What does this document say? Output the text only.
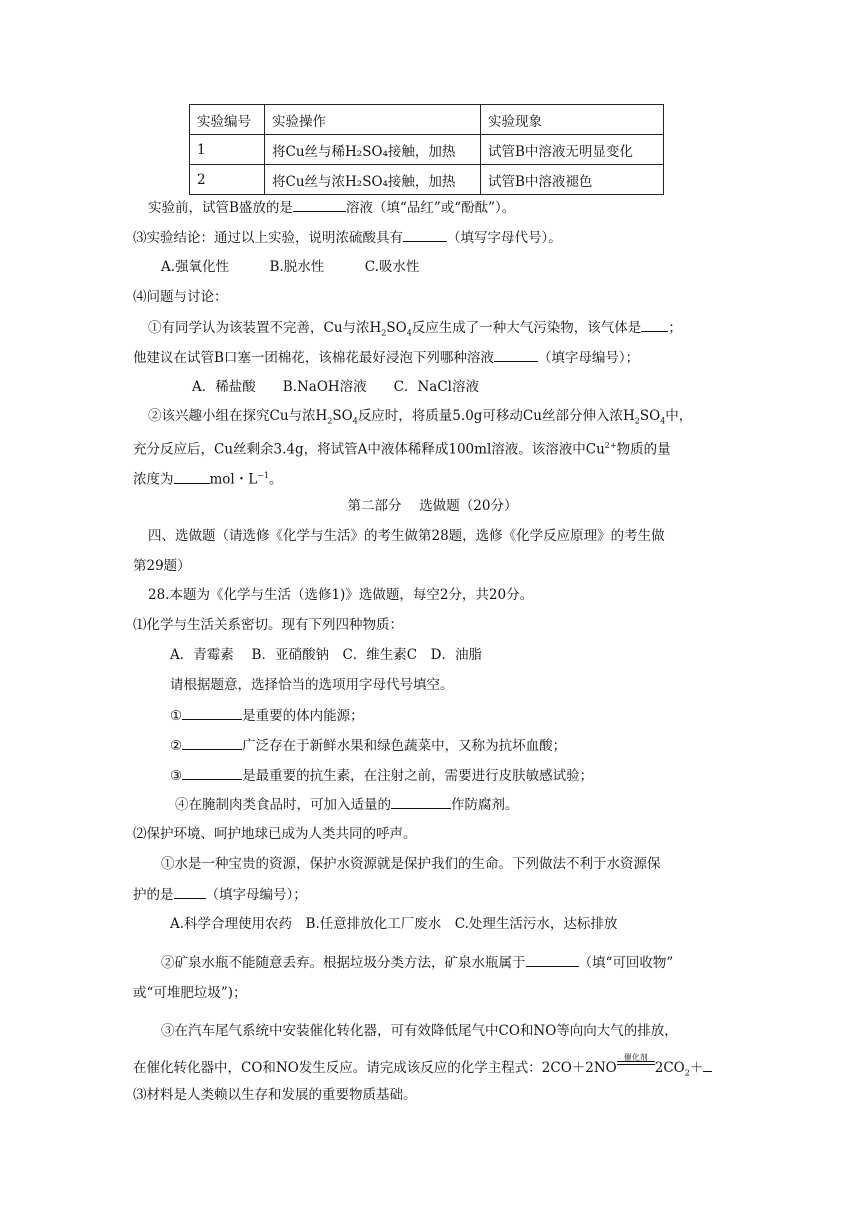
实验编号	实验操作	实验现象
1	将Cu丝与稀H₂SO₄接触，加热	试管B中溶液无明显变化
2	将Cu丝与浓H₂SO₄接触，加热	试管B中溶液褪色
实验前，试管B盛放的是	溶液（填“品红”或“酚酞”）。
⑶实验结论：通过以上实验，说明浓硫酸具有	（填写字母代号）。
A.强氧化性　　　B.脱水性　　　C.吸水性
⑷问题与讨论：
①有同学认为该装置不完善，Cu与浓$H_2SO_4$反应生成了一种大气污染物，该气体是 ；
他建议在试管B口塞一团棉花，该棉花最好浸泡下列哪种溶液	（填字母编号）；
A．稀盐酸　　B.NaOH溶液　　C．NaCl溶液
②该兴趣小组在探究Cu与浓$H_2SO_4$反应时，将质量5.0g可移动Cu丝部分伸入浓$H_2SO_4$中，
充分反应后，Cu丝剩余3.4g，将试管A中液体稀释成100ml溶液。该溶液中$Cu^{2+}$物质的量
浓度为	mol・$L^{-1}$。
第二部分　 选做题（20分）
四、选做题（请选修《化学与生活》的考生做第28题，选修《化学反应原理》的考生做
第29题）
28.本题为《化学与生活（选修1)》选做题，每空2分，共20分。
⑴化学与生活关系密切。现有下列四种物质：
A．青霉素　 B．亚硝酸钠　C．维生素C　D．油脂
请根据题意，选择恰当的选项用字母代号填空。
①	是重要的体内能源；
②	广泛存在于新鲜水果和绿色蔬菜中，又称为抗坏血酸；
③	是最重要的抗生素，在注射之前，需要进行皮肤敏感试验；
④在腌制肉类食品时，可加入适量的	作防腐剂。
⑵保护环境、呵护地球已成为人类共同的呼声。
①水是一种宝贵的资源，保护水资源就是保护我们的生命。下列做法不利于水资源保
护的是 （填字母编号）；
A.科学合理使用农药　B.任意排放化工厂废水　C.处理生活污水，达标排放
②矿泉水瓶不能随意丢弃。根据垃圾分类方法，矿泉水瓶属于	（填“可回收物”
或“可堆肥垃圾”)；
③在汽车尾气系统中安装催化转化器，可有效降低尾气中CO和NO等向向大气的排放，
在催化转化器中，CO和NO发生反应。请完成该反应的化学主程式：2CO＋2NO
催化剂
$2CO_2+$
⑶材料是人类赖以生存和发展的重要物质基础。
